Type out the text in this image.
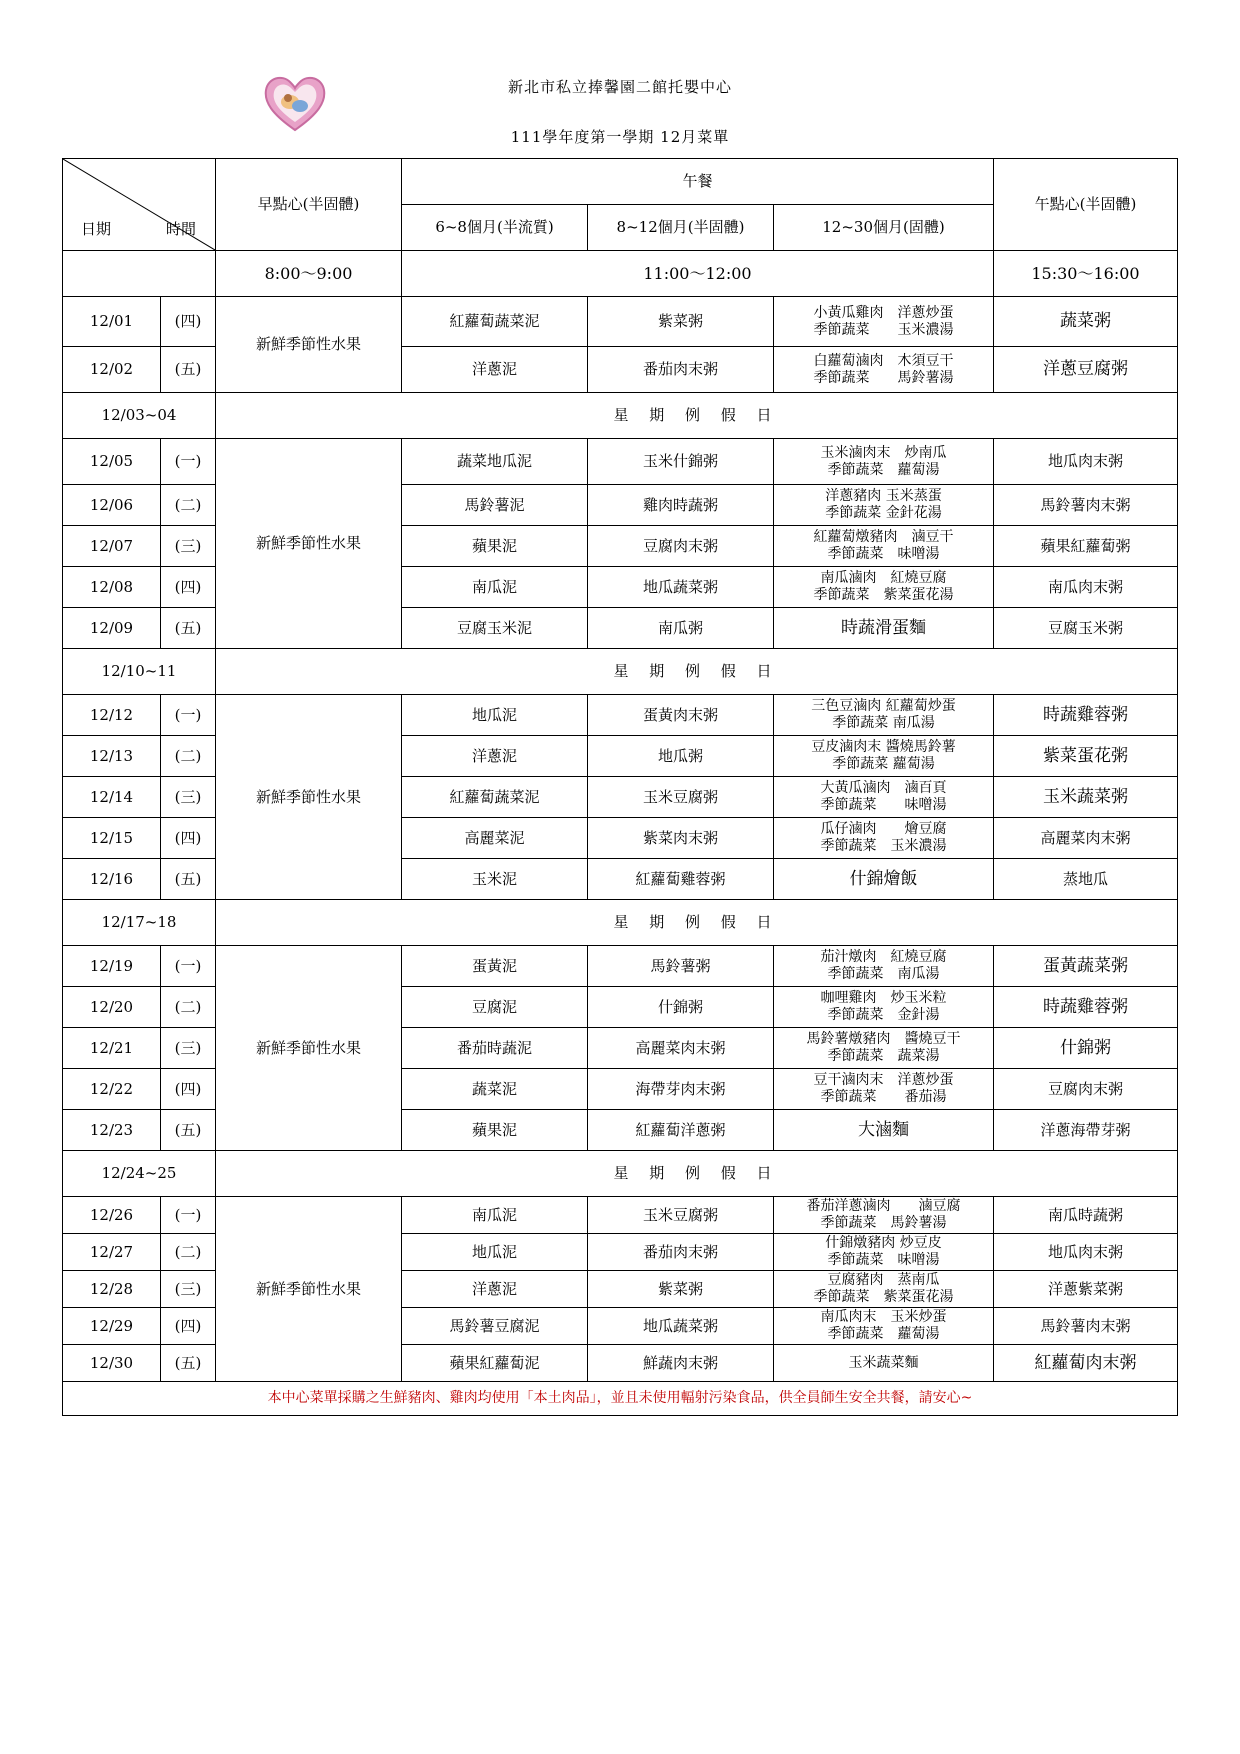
新北市私立捧馨園二館托嬰中心
111學年度第一學期 12月菜單
日期 時間		早點心(半固體)	午餐			午點心(半固體)
			6~8個月(半流質)	8~12個月(半固體)	12~30個月(固體)	
		8:00～9:00	11:00～12:00			15:30～16:00
12/01	(四)	新鮮季節性水果	紅蘿蔔蔬菜泥	紫菜粥	小黃瓜雞肉　洋蔥炒蛋
季節蔬菜　　玉米濃湯	蔬菜粥
12/02	(五)		洋蔥泥	番茄肉末粥	白蘿蔔滷肉　木須豆干
季節蔬菜　　馬鈴薯湯	洋蔥豆腐粥
12/03~04		星 期 例 假 日				
12/05	(一)	新鮮季節性水果	蔬菜地瓜泥	玉米什錦粥	玉米滷肉末　炒南瓜
季節蔬菜　蘿蔔湯	地瓜肉末粥
12/06	(二)		馬鈴薯泥	雞肉時蔬粥	洋蔥豬肉 玉米蒸蛋
季節蔬菜 金針花湯	馬鈴薯肉末粥
12/07	(三)		蘋果泥	豆腐肉末粥	紅蘿蔔燉豬肉　滷豆干
季節蔬菜　味噌湯	蘋果紅蘿蔔粥
12/08	(四)		南瓜泥	地瓜蔬菜粥	南瓜滷肉　紅燒豆腐
季節蔬菜　紫菜蛋花湯	南瓜肉末粥
12/09	(五)		豆腐玉米泥	南瓜粥	時蔬滑蛋麵	豆腐玉米粥
12/10~11		星 期 例 假 日				
12/12	(一)	新鮮季節性水果	地瓜泥	蛋黃肉末粥	三色豆滷肉 紅蘿蔔炒蛋
季節蔬菜 南瓜湯	時蔬雞蓉粥
12/13	(二)		洋蔥泥	地瓜粥	豆皮滷肉末 醬燒馬鈴薯
季節蔬菜 蘿蔔湯	紫菜蛋花粥
12/14	(三)		紅蘿蔔蔬菜泥	玉米豆腐粥	大黃瓜滷肉　滷百頁
季節蔬菜　　味噌湯	玉米蔬菜粥
12/15	(四)		高麗菜泥	紫菜肉末粥	瓜仔滷肉　　燴豆腐
季節蔬菜　玉米濃湯	高麗菜肉末粥
12/16	(五)		玉米泥	紅蘿蔔雞蓉粥	什錦燴飯	蒸地瓜
12/17~18		星 期 例 假 日				
12/19	(一)	新鮮季節性水果	蛋黃泥	馬鈴薯粥	茄汁燉肉　紅燒豆腐
季節蔬菜　南瓜湯	蛋黃蔬菜粥
12/20	(二)		豆腐泥	什錦粥	咖哩雞肉　炒玉米粒
季節蔬菜　金針湯	時蔬雞蓉粥
12/21	(三)		番茄時蔬泥	高麗菜肉末粥	馬鈴薯燉豬肉　醬燒豆干
季節蔬菜　蔬菜湯	什錦粥
12/22	(四)		蔬菜泥	海帶芽肉末粥	豆干滷肉末　洋蔥炒蛋
季節蔬菜　　番茄湯	豆腐肉末粥
12/23	(五)		蘋果泥	紅蘿蔔洋蔥粥	大滷麵	洋蔥海帶芽粥
12/24~25		星 期 例 假 日				
12/26	(一)	新鮮季節性水果	南瓜泥	玉米豆腐粥	番茄洋蔥滷肉　　滷豆腐
季節蔬菜　馬鈴薯湯	南瓜時蔬粥
12/27	(二)		地瓜泥	番茄肉末粥	什錦燉豬肉 炒豆皮
季節蔬菜　味噌湯	地瓜肉末粥
12/28	(三)		洋蔥泥	紫菜粥	豆腐豬肉　蒸南瓜
季節蔬菜　紫菜蛋花湯	洋蔥紫菜粥
12/29	(四)		馬鈴薯豆腐泥	地瓜蔬菜粥	南瓜肉末　玉米炒蛋
季節蔬菜　蘿蔔湯	馬鈴薯肉末粥
12/30	(五)		蘋果紅蘿蔔泥	鮮蔬肉末粥	玉米蔬菜麵	紅蘿蔔肉末粥
本中心菜單採購之生鮮豬肉、雞肉均使用「本土肉品」，並且未使用輻射污染食品，供全員師生安全共餐，請安心~						
